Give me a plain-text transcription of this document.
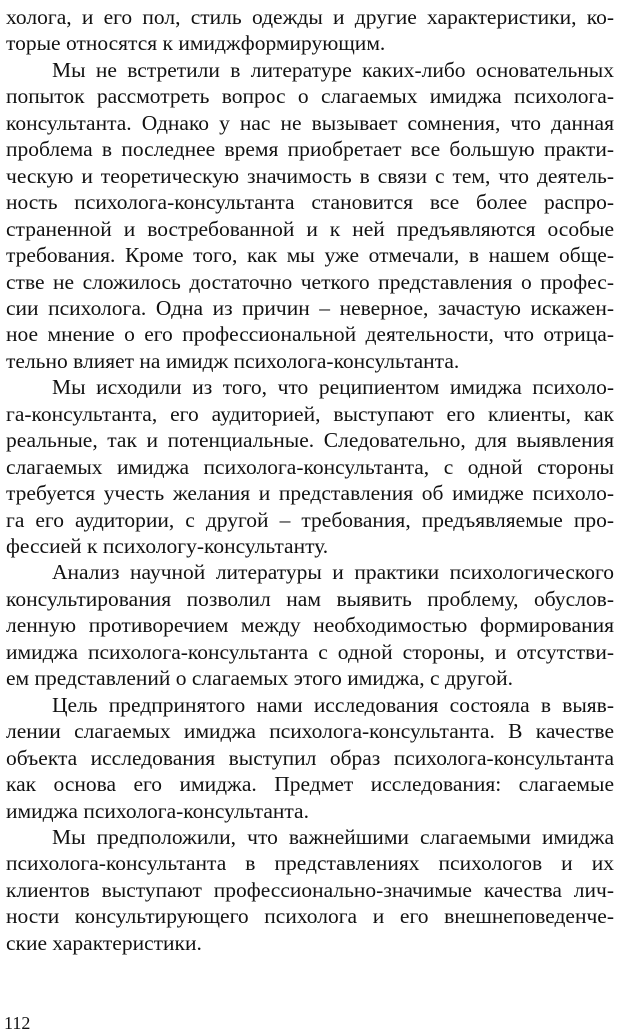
холога, и его пол, стиль одежды и другие характеристики, ко-
торые относятся к имиджформирующим.
Мы не встретили в литературе каких-либо основательных
попыток рассмотреть вопрос о слагаемых имиджа психолога-
консультанта. Однако у нас не вызывает сомнения, что данная
проблема в последнее время приобретает все большую практи-
ческую и теоретическую значимость в связи с тем, что деятель-
ность психолога-консультанта становится все более распро-
страненной и востребованной и к ней предъявляются особые
требования. Кроме того, как мы уже отмечали, в нашем обще-
стве не сложилось достаточно четкого представления о профес-
сии психолога. Одна из причин – неверное, зачастую искажен-
ное мнение о его профессиональной деятельности, что отрица-
тельно влияет на имидж психолога-консультанта.
Мы исходили из того, что реципиентом имиджа психоло-
га-консультанта, его аудиторией, выступают его клиенты, как
реальные, так и потенциальные. Следовательно, для выявления
слагаемых имиджа психолога-консультанта, с одной стороны
требуется учесть желания и представления об имидже психоло-
га его аудитории, с другой – требования, предъявляемые про-
фессией к психологу-консультанту.
Анализ научной литературы и практики психологического
консультирования позволил нам выявить проблему, обуслов-
ленную противоречием между необходимостью формирования
имиджа психолога-консультанта с одной стороны, и отсутстви-
ем представлений о слагаемых этого имиджа, с другой.
Цель предпринятого нами исследования состояла в выяв-
лении слагаемых имиджа психолога-консультанта. В качестве
объекта исследования выступил образ психолога-консультанта
как основа его имиджа. Предмет исследования: слагаемые
имиджа психолога-консультанта.
Мы предположили, что важнейшими слагаемыми имиджа
психолога-консультанта в представлениях психологов и их
клиентов выступают профессионально-значимые качества лич-
ности консультирующего психолога и его внешнеповеденче-
ские характеристики.
112
